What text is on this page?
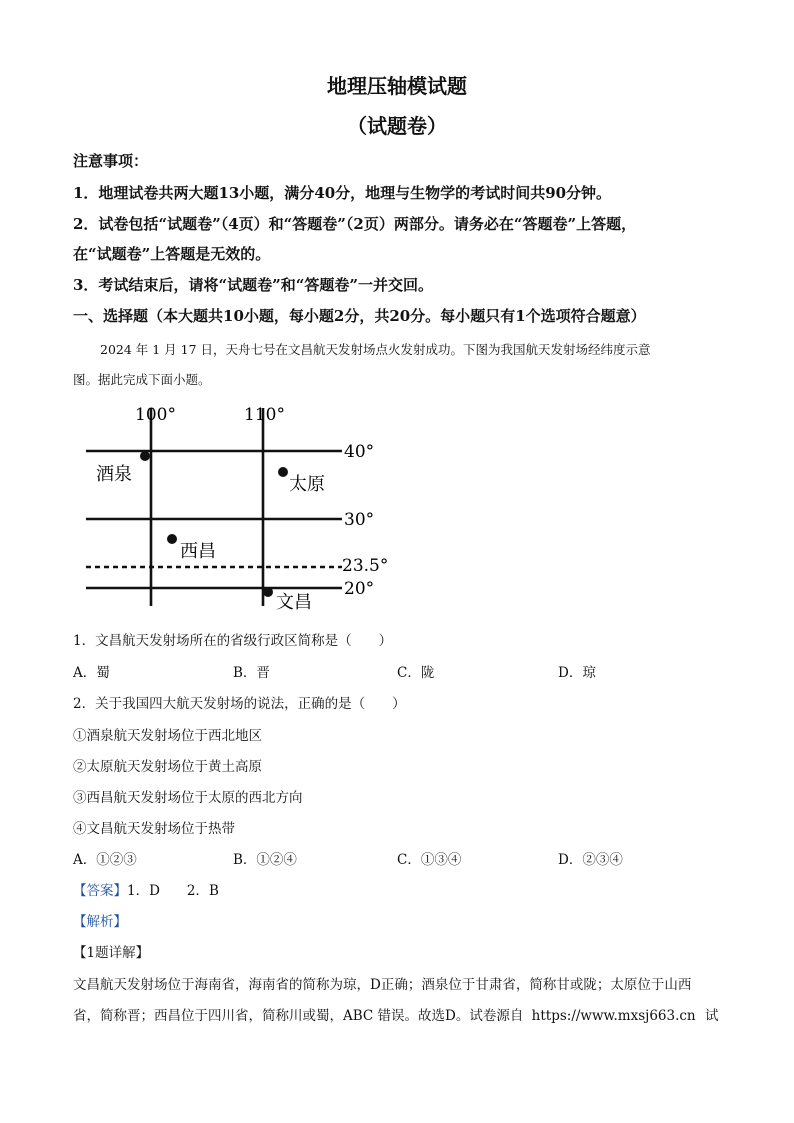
地理压轴模试题
（试题卷）
注意事项：
1．地理试卷共两大题13小题，满分40分，地理与生物学的考试时间共90分钟。
2．试卷包括“试题卷”（4页）和“答题卷”（2页）两部分。请务必在“答题卷”上答题，
在“试题卷”上答题是无效的。
3．考试结束后，请将“试题卷”和“答题卷”一并交回。
一、选择题（本大题共10小题，每小题2分，共20分。每小题只有1个选项符合题意）
2024 年 1 月 17 日，天舟七号在文昌航天发射场点火发射成功。下图为我国航天发射场经纬度示意
图。据此完成下面小题。
100°	110°
40°
30°
23.5°
20°
酒泉	太原
西昌
文昌
1．文昌航天发射场所在的省级行政区简称是（　　）
A．蜀	B．晋	C．陇	D．琼
2．关于我国四大航天发射场的说法，正确的是（　　）
①酒泉航天发射场位于西北地区
②太原航天发射场位于黄土高原
③西昌航天发射场位于太原的西北方向
④文昌航天发射场位于热带
A．①②③	B．①②④	C．①③④	D．②③④
【答案】1．D　　2．B
【解析】
【1题详解】
文昌航天发射场位于海南省，海南省的简称为琼，D正确；酒泉位于甘肃省，简称甘或陇；太原位于山西
省，简称晋；西昌位于四川省，简称川或蜀，ABC 错误。故选D。试卷源自 https://www.mxsj663.cn 试
